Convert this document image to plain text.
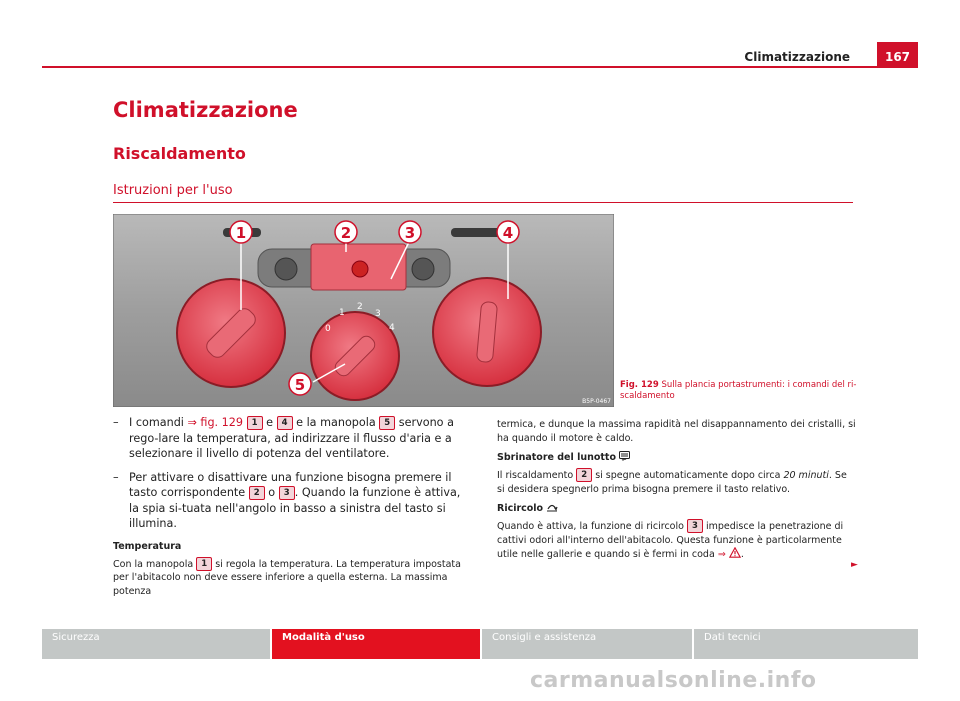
Climatizzazione	167
Climatizzazione
Riscaldamento
Istruzioni per l'uso
0
1
2
3
4
1	2	3	4
5
B5P-0467
Fig. 129 Sulla plancia portastrumenti: i comandi del ri-scaldamento
– I comandi ⇒ fig. 129 1 e 4 e la manopola 5 servono a rego-lare la temperatura, ad indirizzare il flusso d'aria e a selezionare il livello di potenza del ventilatore.
– Per attivare o disattivare una funzione bisogna premere il tasto corrispondente 2 o 3 . Quando la funzione è attiva, la spia si-tuata nell'angolo in basso a sinistra del tasto si illumina.
Temperatura

Con la manopola 1 si regola la temperatura. La temperatura impostata per l'abitacolo non deve essere inferiore a quella esterna. La massima potenza

termica, e dunque la massima rapidità nel disappannamento dei cristalli, si ha quando il motore è caldo.

Sbrinatore del lunotto

Il riscaldamento 2 si spegne automaticamente dopo circa 20 minuti. Se si desidera spegnerlo prima bisogna premere il tasto relativo.

Ricircolo

Quando è attiva, la funzione di ricircolo 3 impedisce la penetrazione di cattivi odori all'interno dell'abitacolo. Questa funzione è particolarmente utile nelle gallerie e quando si è fermi in coda ⇒ .

►
Sicurezza	Modalità d'uso	Consigli e assistenza	Dati tecnici
carmanualsonline.info
